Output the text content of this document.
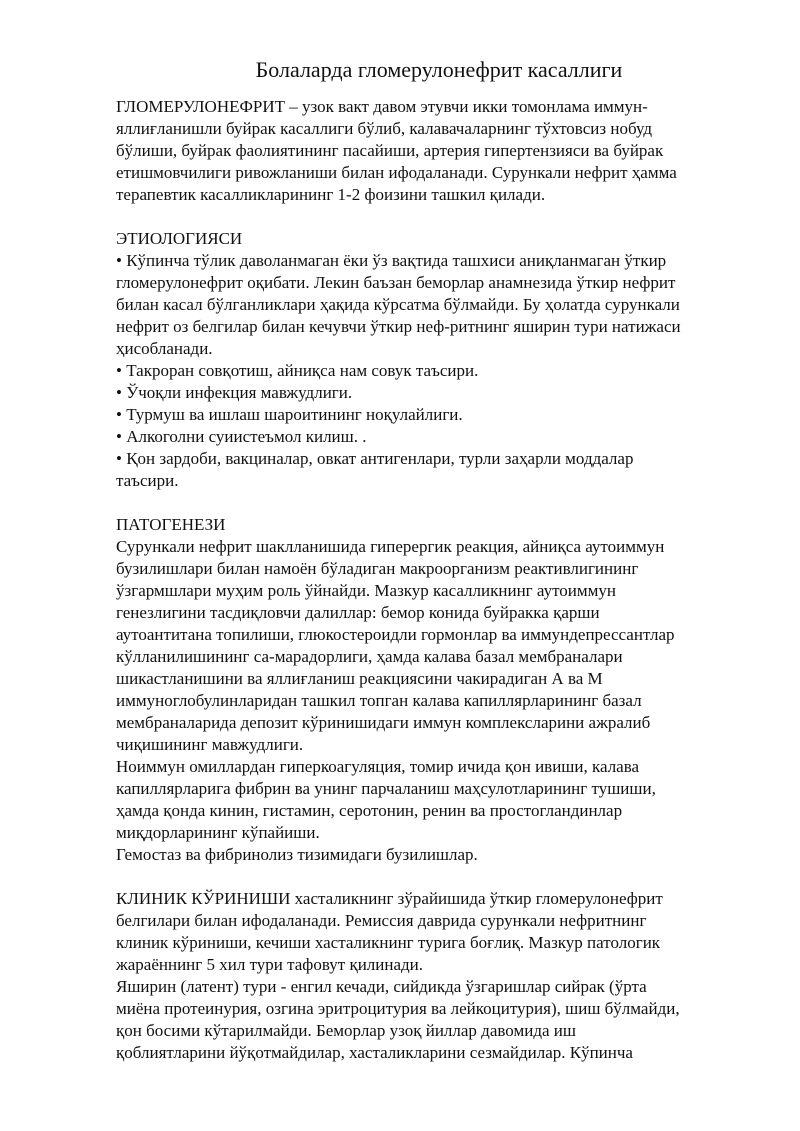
Болаларда гломерулонефрит касаллиги
ГЛОМЕРУЛОНЕФРИТ – узок вакт давом этувчи икки томонлама иммун-
яллиғланишли буйрак касаллиги бўлиб, калавачаларнинг тўхтовсиз нобуд
бўлиши, буйрак фаолиятининг пасайиши, артерия гипертензияси ва буйрак
етишмовчилиги ривожланиши билан ифодаланади. Сурункали нефрит ҳамма
терапевтик касалликларининг 1-2 фоизини ташкил қилади.
ЭТИОЛОГИЯСИ
• Кўпинча тўлик даволанмаган ёки ўз вақтида ташхиси аниқланмаган ўткир
гломерулонефрит оқибати. Лекин баъзан беморлар анамнезида ўткир нефрит
билан касал бўлганликлари ҳақида кўрсатма бўлмайди. Бу ҳолатда сурункали
нефрит оз белгилар билан кечувчи ўткир неф-ритнинг яширин тури натижаси
ҳисобланади.
• Такроран совқотиш, айниқса нам совук таъсири.
• Ўчоқли инфекция мавжудлиги.
• Турмуш ва ишлаш шароитининг ноқулайлиги.
• Алкоголни суиистеъмол килиш. .
• Қон зардоби, вакциналар, овкат антигенлари, турли заҳарли моддалар
таъсири.
ПАТОГЕНЕЗИ
Сурункали нефрит шаклланишида гиперергик реакция, айниқса аутоиммун
бузилишлари билан намоён бўладиган макроорганизм реактивлигининг
ўзгармшлари муҳим роль ўйнайди. Мазкур касалликнинг аутоиммун
генезлигини тасдиқловчи далиллар: бемор конида буйракка қарши
аутоантитана топилиши, глюкостероидли гормонлар ва иммундепрессантлар
кўлланилишининг са-марадорлиги, ҳамда калава базал мембраналари
шикастланишини ва яллиғланиш реакциясини чакирадиган А ва М
иммуноглобулинларидан ташкил топган калава капиллярларининг базал
мембраналарида депозит кўринишидаги иммун комплексларини ажралиб
чиқишининг мавжудлиги.
Ноиммун омиллардан гиперкоагуляция, томир ичида қон ивиши, калава
капиллярларига фибрин ва унинг парчаланиш маҳсулотларининг тушиши,
ҳамда қонда кинин, гистамин, серотонин, ренин ва простогландинлар
миқдорларининг кўпайиши.
Гемостаз ва фибринолиз тизимидаги бузилишлар.
КЛИНИК КЎРИНИШИ хасталикнинг зўрайишида ўткир гломерулонефрит
белгилари билан ифодаланади. Ремиссия даврида сурункали нефритнинг
клиник кўриниши, кечиши хасталикнинг турига боғлиқ. Мазкур патологик
жараённинг 5 хил тури тафовут қилинади.
Яширин (латент) тури - енгил кечади, сийдикда ўзгаришлар сийрак (ўрта
миёна протеинурия, озгина эритроцитурия ва лейкоцитурия), шиш бўлмайди,
қон босими кўтарилмайди. Беморлар узоқ йиллар давомида иш
қоблиятларини йўқотмайдилар, хасталикларини сезмайдилар. Кўпинча
